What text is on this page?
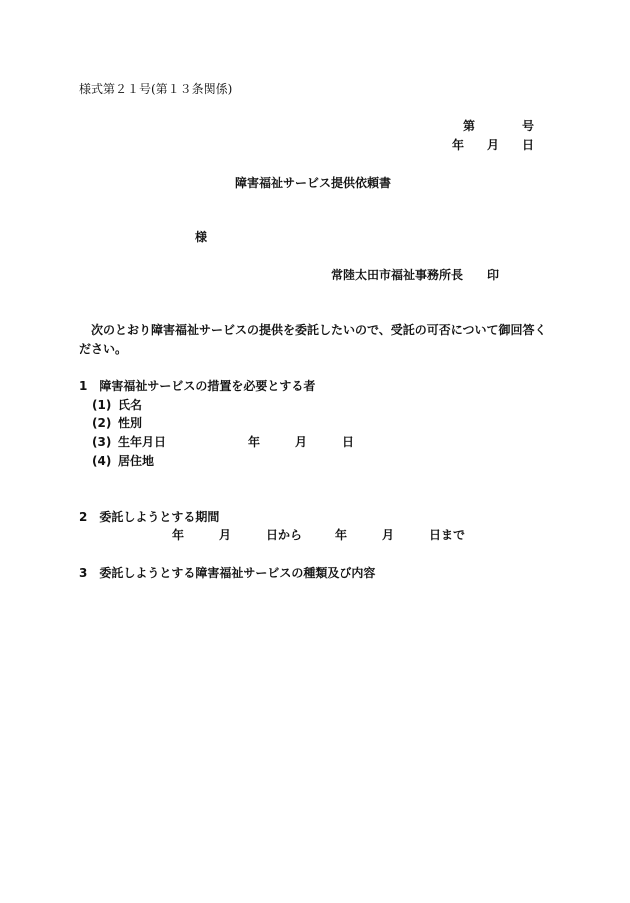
様式第２１号(第１３条関係)
第	号
年 月 日
障害福祉サービス提供依頼書
様
常陸太田市福祉事務所長 印
次のとおり障害福祉サービスの提供を委託したいので、受託の可否について御回答ください。
1　障害福祉サービスの措置を必要とする者
(1) 氏名
(2) 性別
(3) 生年月日	年	月	日
(4) 居住地
2　委託しようとする期間
年	月	日から	年	月	日まで
3　委託しようとする障害福祉サービスの種類及び内容
